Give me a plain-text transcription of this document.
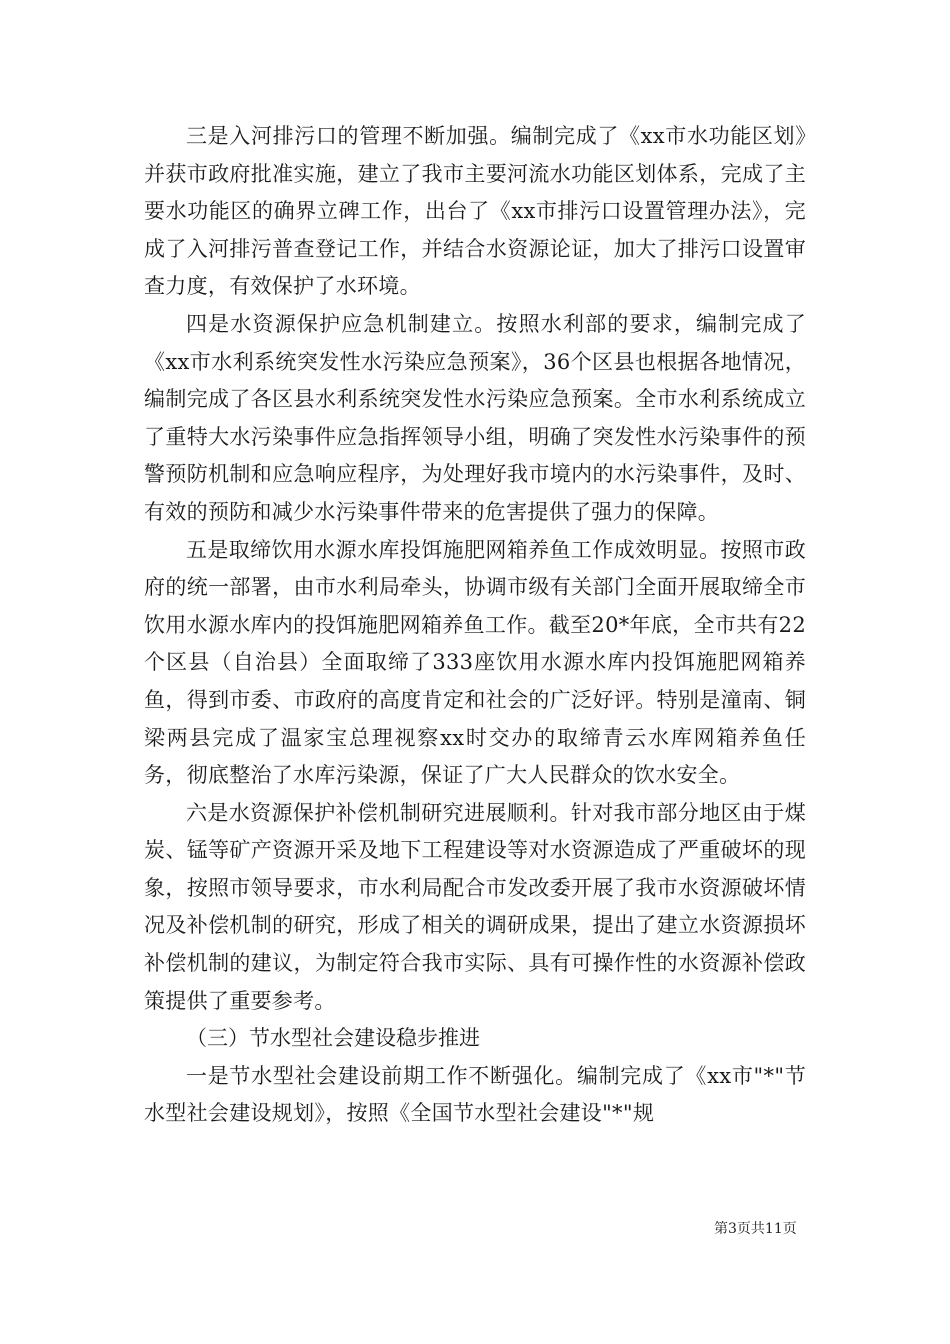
三是入河排污口的管理不断加强。编制完成了《xx市水功能区划》并获市政府批准实施，建立了我市主要河流水功能区划体系，完成了主要水功能区的确界立碑工作，出台了《xx市排污口设置管理办法》，完成了入河排污普查登记工作，并结合水资源论证，加大了排污口设置审查力度，有效保护了水环境。

四是水资源保护应急机制建立。按照水利部的要求，编制完成了《xx市水利系统突发性水污染应急预案》，36个区县也根据各地情况，编制完成了各区县水利系统突发性水污染应急预案。全市水利系统成立了重特大水污染事件应急指挥领导小组，明确了突发性水污染事件的预警预防机制和应急响应程序，为处理好我市境内的水污染事件，及时、有效的预防和减少水污染事件带来的危害提供了强力的保障。

五是取缔饮用水源水库投饵施肥网箱养鱼工作成效明显。按照市政府的统一部署，由市水利局牵头，协调市级有关部门全面开展取缔全市饮用水源水库内的投饵施肥网箱养鱼工作。截至20*年底，全市共有22个区县（自治县）全面取缔了333座饮用水源水库内投饵施肥网箱养鱼，得到市委、市政府的高度肯定和社会的广泛好评。特别是潼南、铜梁两县完成了温家宝总理视察xx时交办的取缔青云水库网箱养鱼任务，彻底整治了水库污染源，保证了广大人民群众的饮水安全。

六是水资源保护补偿机制研究进展顺利。针对我市部分地区由于煤炭、锰等矿产资源开采及地下工程建设等对水资源造成了严重破坏的现象，按照市领导要求，市水利局配合市发改委开展了我市水资源破坏情况及补偿机制的研究，形成了相关的调研成果，提出了建立水资源损坏补偿机制的建议，为制定符合我市实际、具有可操作性的水资源补偿政策提供了重要参考。

（三）节水型社会建设稳步推进

一是节水型社会建设前期工作不断强化。编制完成了《xx市"*"节水型社会建设规划》，按照《全国节水型社会建设"*"规

第3页共11页
